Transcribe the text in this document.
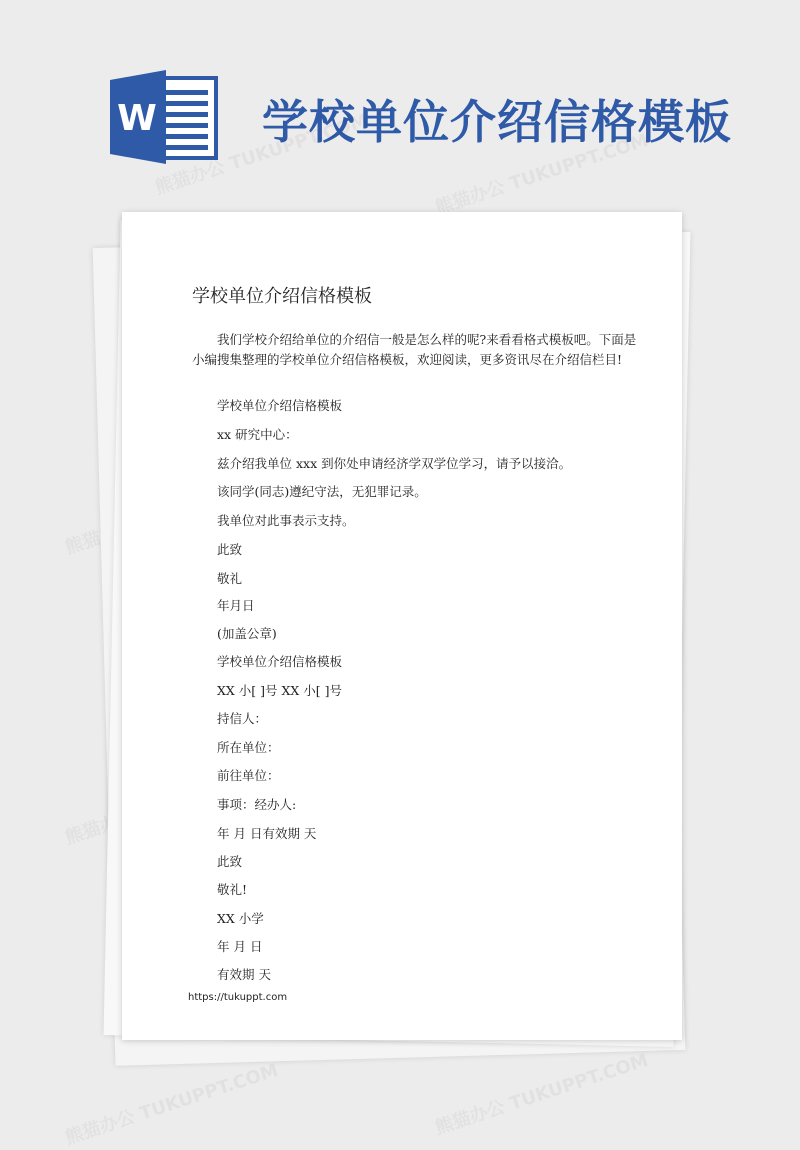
W 学校单位介绍信格模板
学校单位介绍信格模板

我们学校介绍给单位的介绍信一般是怎么样的呢?来看看格式模板吧。下面是小编搜集整理的学校单位介绍信格模板，欢迎阅读，更多资讯尽在介绍信栏目!

学校单位介绍信格模板
xx 研究中心：
兹介绍我单位 xxx 到你处申请经济学双学位学习，请予以接洽。
该同学(同志)遵纪守法，无犯罪记录。
我单位对此事表示支持。
此致
敬礼
年月日
(加盖公章)
学校单位介绍信格模板
XX 小[ ]号 XX 小[ ]号
持信人：
所在单位：
前往单位：
事项：经办人:
年 月 日有效期 天
此致
敬礼!
XX 小学
年 月 日
有效期 天
https://tukuppt.com
